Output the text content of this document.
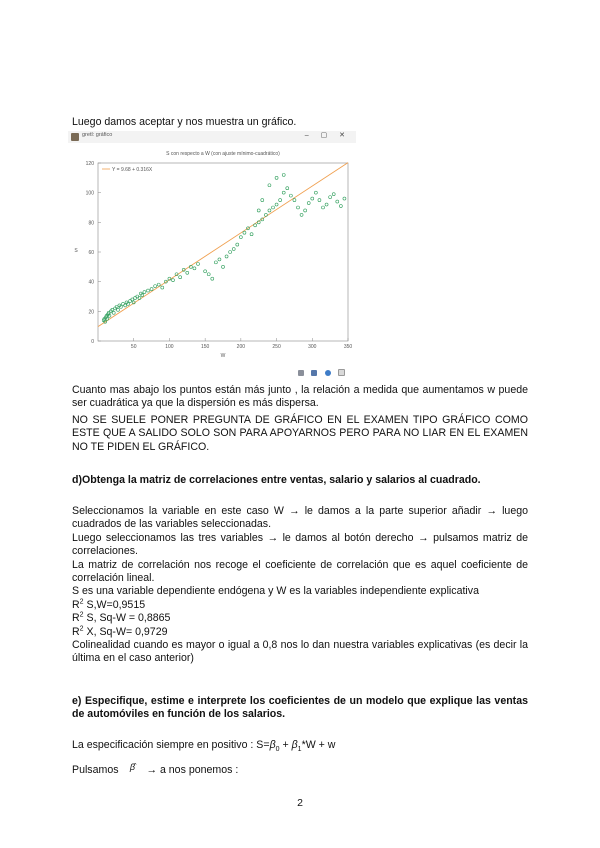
Luego damos aceptar y nos muestra un gráfico.
gretl: gráfico	– ▢ ✕
S con respecto a W (con ajuste mínimo-cuadrático)
Y = 9.68 + 0.316X
50	100	150	200	250	300	350
0
20
40
60
80
100
120
W
S

Cuanto mas abajo los puntos están más junto , la relación a medida que aumentamos w puede ser cuadrática ya que la dispersión es más dispersa.
NO SE SUELE PONER PREGUNTA DE GRÁFICO EN EL EXAMEN TIPO GRÁFICO COMO ESTE QUE A SALIDO SOLO SON PARA APOYARNOS PERO PARA NO LIAR EN EL EXAMEN NO TE PIDEN EL GRÁFICO.
d)Obtenga la matriz de correlaciones entre ventas, salario y salarios al cuadrado.

Seleccionamos la variable en este caso W → le damos a la parte superior añadir → luego cuadrados de las variables seleccionadas.

Luego seleccionamos las tres variables → le damos al botón derecho → pulsamos matriz de correlaciones.

La matriz de correlación nos recoge el coeficiente de correlación que es aquel coeficiente de correlación lineal.

S es una variable dependiente endógena y W es la variables independiente explicativa

$R^2$ S,W=0,9515

$R^2$ S, Sq-W = 0,8865

$R^2$ X, Sq-W= 0,9729

Colinealidad cuando es mayor o igual a 0,8 nos lo dan nuestra variables explicativas (es decir la última en el caso anterior)

e) Especifique, estime e interprete los coeficientes de un modelo que explique las ventas de automóviles en función de los salarios.
La especificación siempre en positivo : $S=\beta_0 + \beta_1*W + w$
Pulsamos β̂ → a nos ponemos :
2
